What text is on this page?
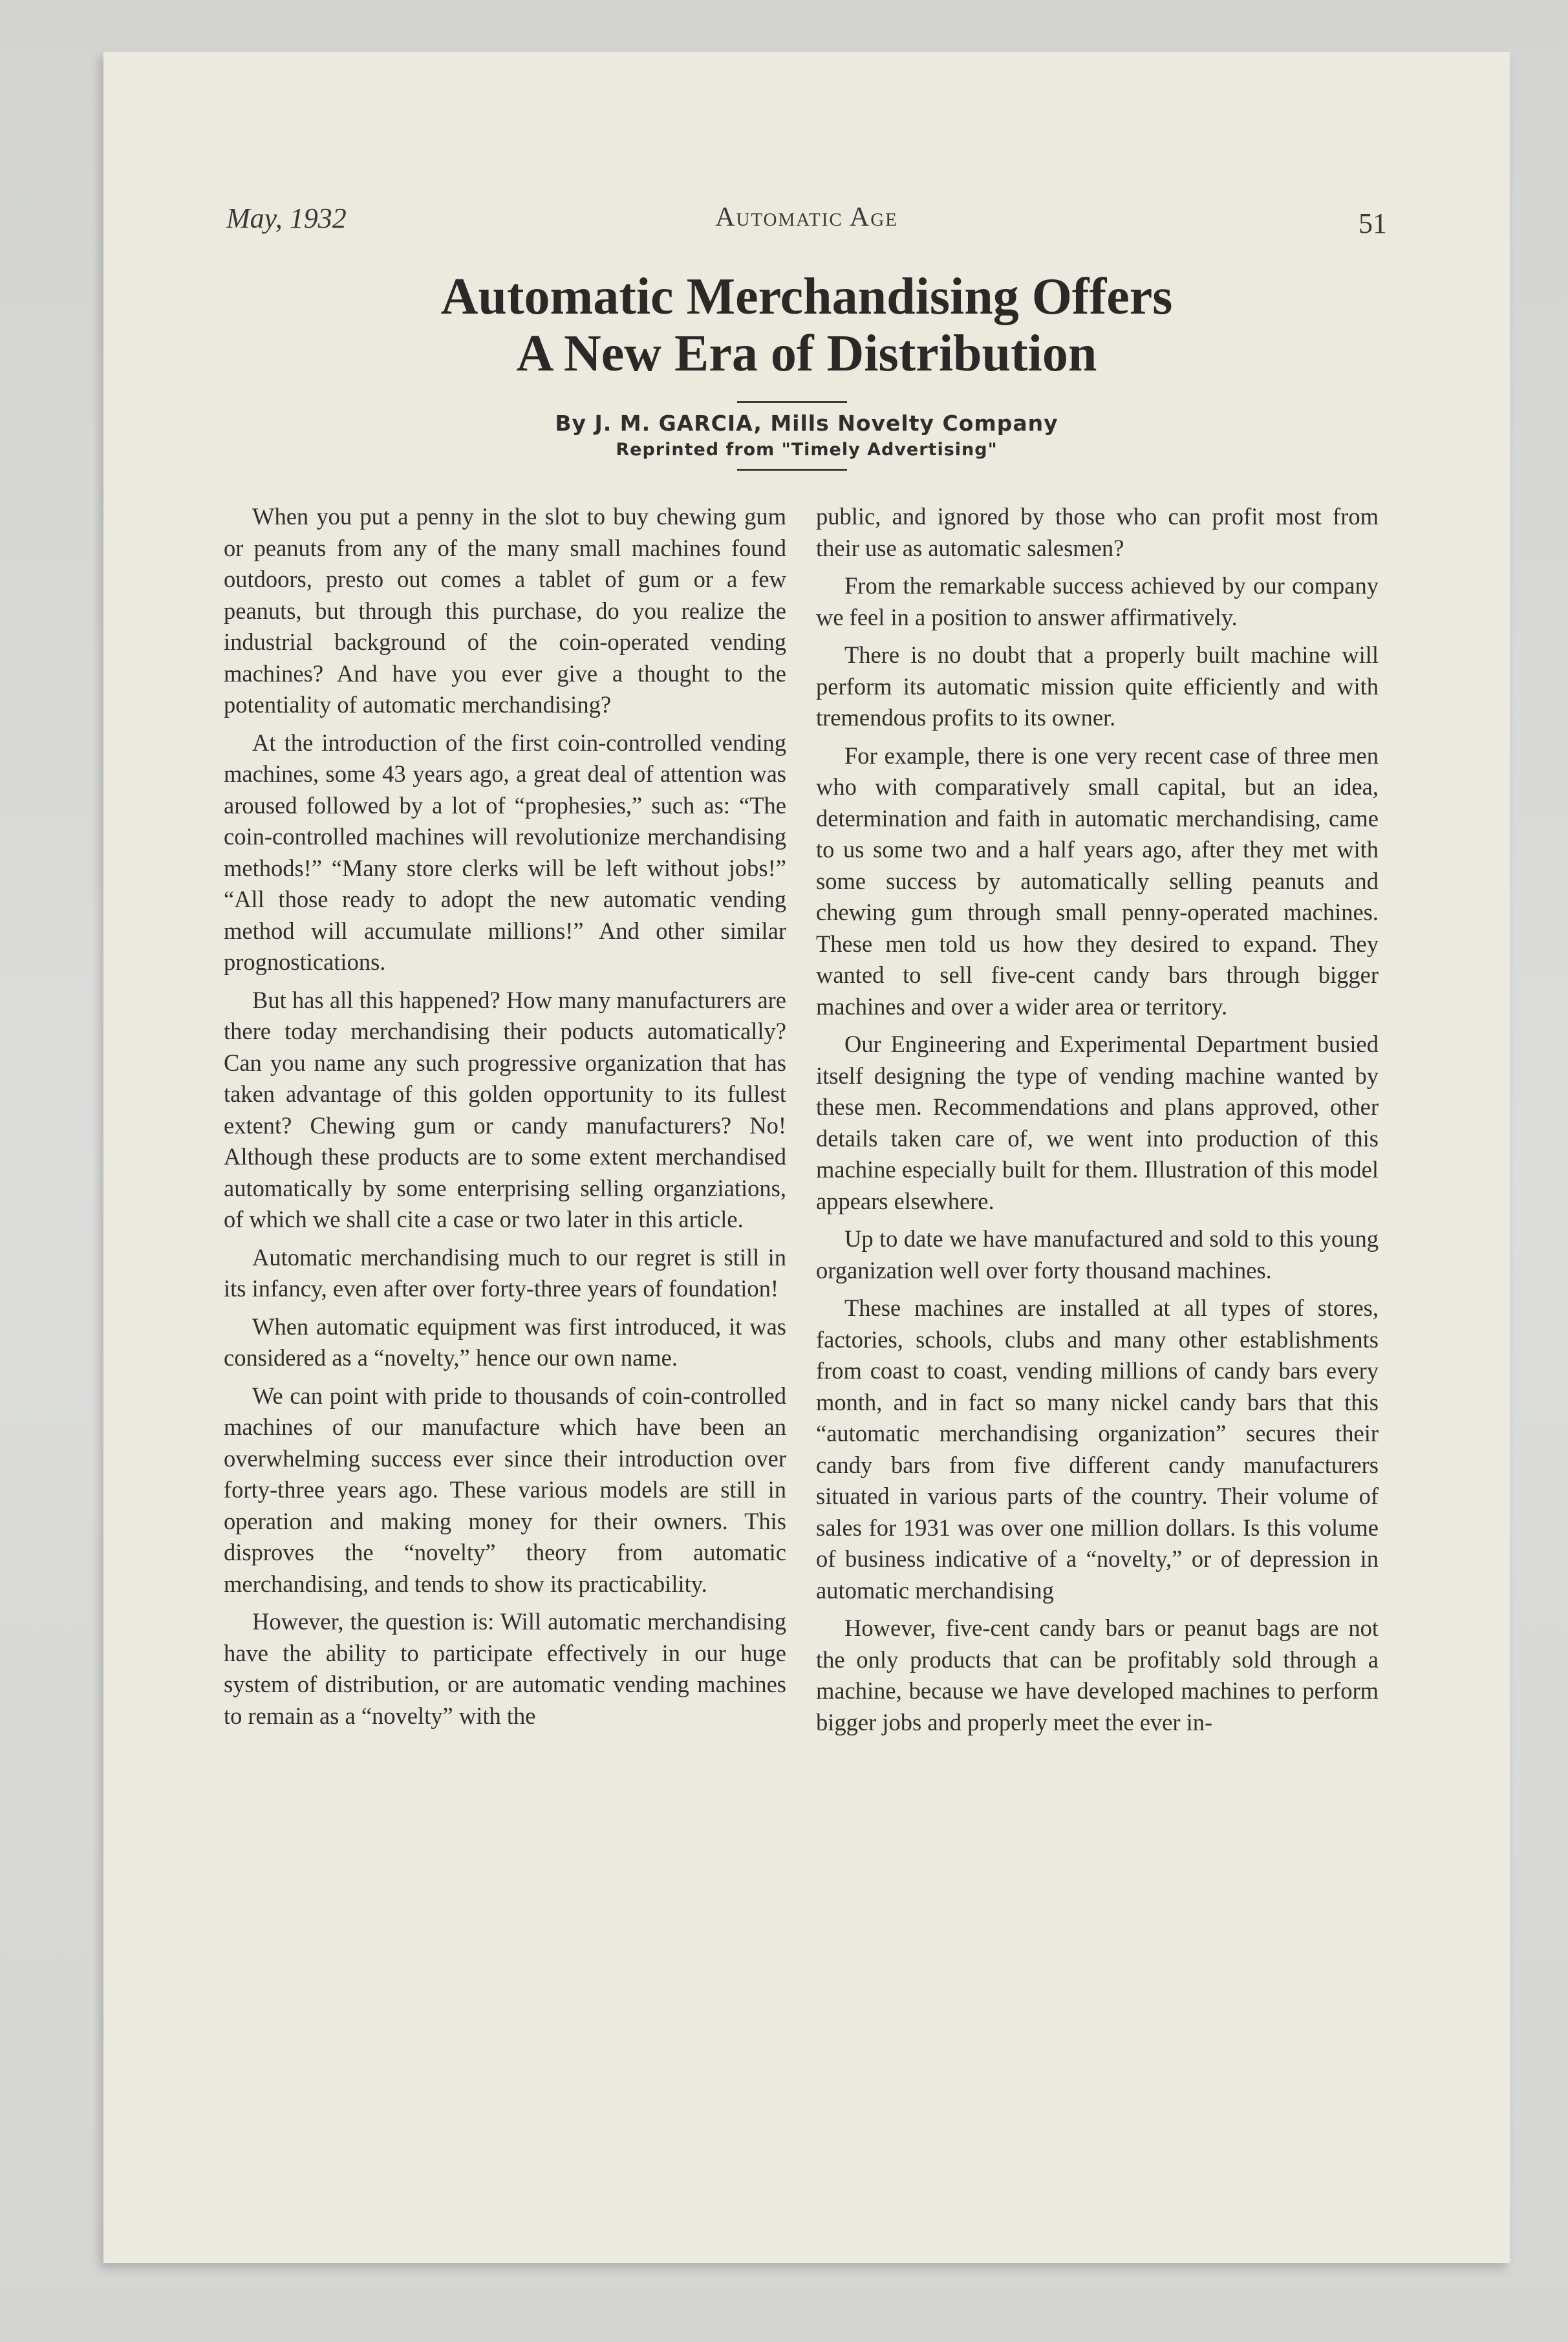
May, 1932	Automatic Age	51
Automatic Merchandising Offers
A New Era of Distribution
By J. M. GARCIA, Mills Novelty Company
Reprinted from "Timely Advertising"

When you put a penny in the slot to buy chewing gum or peanuts from any of the many small machines found outdoors, presto out comes a tablet of gum or a few peanuts, but through this purchase, do you realize the industrial background of the coin-operated vending machines? And have you ever give a thought to the potentiality of automatic merchandising?

At the introduction of the first coin-controlled vending machines, some 43 years ago, a great deal of attention was aroused followed by a lot of “prophesies,” such as: “The coin-controlled machines will revolutionize merchandising methods!” “Many store clerks will be left without jobs!” “All those ready to adopt the new automatic vending method will accumulate millions!” And other similar prognostications.

But has all this happened? How many manufacturers are there today merchandising their poducts automatically? Can you name any such progressive organization that has taken advantage of this golden opportunity to its fullest extent? Chewing gum or candy manufacturers? No! Although these products are to some extent merchandised automatically by some enterprising selling organziations, of which we shall cite a case or two later in this article.

Automatic merchandising much to our regret is still in its infancy, even after over forty-three years of foundation!

When automatic equipment was first introduced, it was considered as a “novelty,” hence our own name.

We can point with pride to thousands of coin-controlled machines of our manufacture which have been an overwhelming success ever since their introduction over forty-three years ago. These various models are still in operation and making money for their owners. This disproves the “novelty” theory from automatic merchandising, and tends to show its practicability.

However, the question is: Will automatic merchandising have the ability to participate effectively in our huge system of distribution, or are automatic vending machines to remain as a “novelty” with the

public, and ignored by those who can profit most from their use as automatic salesmen?

From the remarkable success achieved by our company we feel in a position to answer affirmatively.

There is no doubt that a properly built machine will perform its automatic mission quite efficiently and with tremendous profits to its owner.

For example, there is one very recent case of three men who with comparatively small capital, but an idea, determination and faith in automatic merchandising, came to us some two and a half years ago, after they met with some success by automatically selling peanuts and chewing gum through small penny-operated machines. These men told us how they desired to expand. They wanted to sell five-cent candy bars through bigger machines and over a wider area or territory.

Our Engineering and Experimental Department busied itself designing the type of vending machine wanted by these men. Recommendations and plans approved, other details taken care of, we went into production of this machine especially built for them. Illustration of this model appears elsewhere.

Up to date we have manufactured and sold to this young organization well over forty thousand machines.

These machines are installed at all types of stores, factories, schools, clubs and many other establishments from coast to coast, vending millions of candy bars every month, and in fact so many nickel candy bars that this “automatic merchandising organization” secures their candy bars from five different candy manufacturers situated in various parts of the country. Their volume of sales for 1931 was over one million dollars. Is this volume of business indicative of a “novelty,” or of depression in automatic merchandising

However, five-cent candy bars or peanut bags are not the only products that can be profitably sold through a machine, because we have developed machines to perform bigger jobs and properly meet the ever in-
